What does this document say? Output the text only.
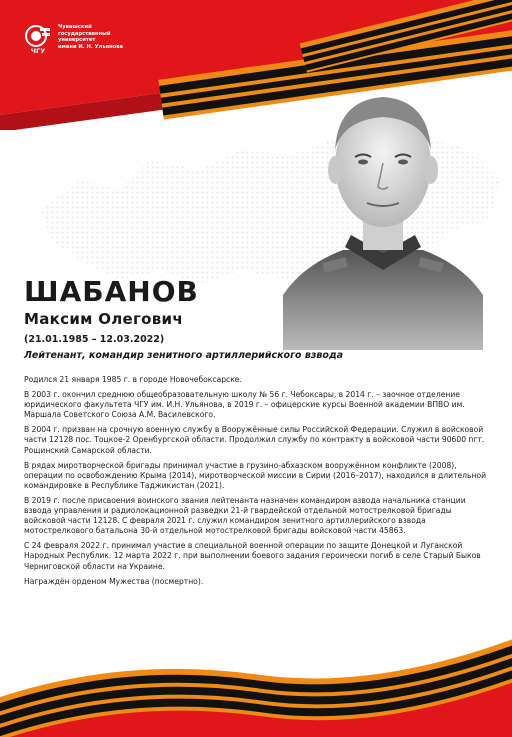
ЧГУ
Чувашский
государственный
университет
имени И. Н. Ульянова
ШАБАНОВ
Максим Олегович
(21.01.1985 – 12.03.2022)
Лейтенант, командир зенитного артиллерийского взвода

Родился 21 января 1985 г. в городе Новочебоксарске.

В 2003 г. окончил среднюю общеобразовательную школу № 56 г. Чебоксары, в 2014 г. – заочное отделение юридического факультета ЧГУ им. И.Н. Ульянова, в 2019 г. – офицерские курсы Военной академии ВПВО им. Маршала Советского Союза А.М. Василевского.

В 2004 г. призван на срочную военную службу в Вооружённые силы Российской Федерации. Служил в войсковой части 12128 пос. Тоцкое-2 Оренбургской области. Продолжил службу по контракту в войсковой части 90600 пгт. Рощинский Самарской области.

В рядах миротворческой бригады принимал участие в грузино-абхазском вооружённом конфликте (2008), операции по освобождению Крыма (2014), миротворческой миссии в Сирии (2016–2017), находился в длительной командировке в Республике Таджикистан (2021).

В 2019 г. после присвоения воинского звания лейтенанта назначен командиром взвода начальника станции взвода управления и радиолокационной разведки 21-й гвардейской отдельной мотострелковой бригады войсковой части 12128. С февраля 2021 г. служил командиром зенитного артиллерийского взвода мотострелкового батальона 30-й отдельной мотострелковой бригады войсковой части 45863.

С 24 февраля 2022 г. принимал участие в специальной военной операции по защите Донецкой и Луганской Народных Республик. 12 марта 2022 г. при выполнении боевого задания героически погиб в селе Старый Быков Черниговской области на Украине.

Награждён орденом Мужества (посмертно).
